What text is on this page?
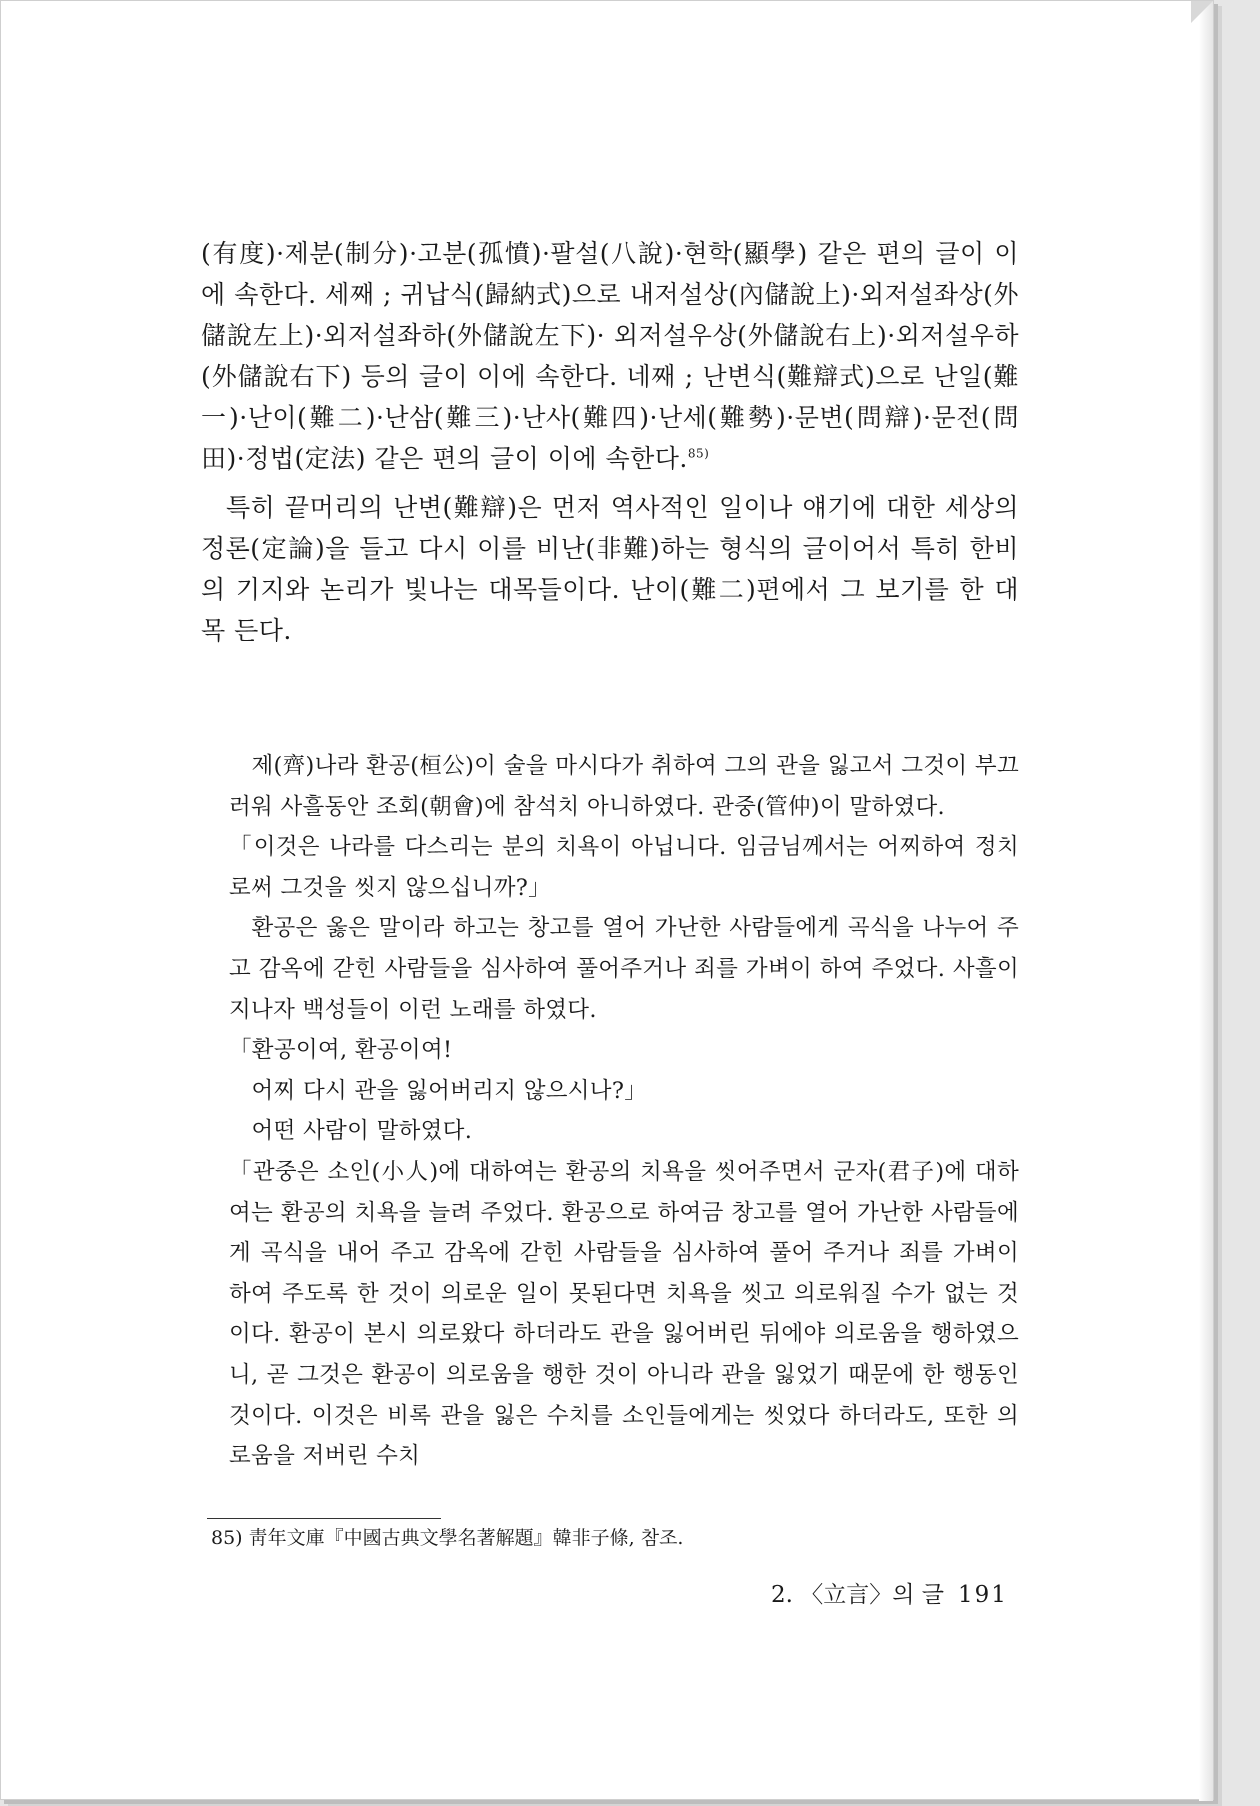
(有度)·제분(制分)·고분(孤憤)·팔설(八說)·현학(顯學) 같은 편의 글이 이에 속한다. 세째 ; 귀납식(歸納式)으로 내저설상(內儲說上)·외저설좌상(外儲說左上)·외저설좌하(外儲說左下)· 외저설우상(外儲說右上)·외저설우하(外儲說右下) 등의 글이 이에 속한다. 네째 ; 난변식(難辯式)으로 난일(難一)·난이(難二)·난삼(難三)·난사(難四)·난세(難勢)·문변(問辯)·문전(問田)·정법(定法) 같은 편의 글이 이에 속한다.$^{85)}$

특히 끝머리의 난변(難辯)은 먼저 역사적인 일이나 얘기에 대한 세상의 정론(定論)을 들고 다시 이를 비난(非難)하는 형식의 글이어서 특히 한비의 기지와 논리가 빛나는 대목들이다. 난이(難二)편에서 그 보기를 한 대목 든다.

제(齊)나라 환공(桓公)이 술을 마시다가 취하여 그의 관을 잃고서 그것이 부끄러워 사흘동안 조회(朝會)에 참석치 아니하였다. 관중(管仲)이 말하였다.

「이것은 나라를 다스리는 분의 치욕이 아닙니다. 임금님께서는 어찌하여 정치로써 그것을 씻지 않으십니까?」

환공은 옳은 말이라 하고는 창고를 열어 가난한 사람들에게 곡식을 나누어 주고 감옥에 갇힌 사람들을 심사하여 풀어주거나 죄를 가벼이 하여 주었다. 사흘이 지나자 백성들이 이런 노래를 하였다.

「환공이여, 환공이여!

어찌 다시 관을 잃어버리지 않으시나?」

어떤 사람이 말하였다.

「관중은 소인(小人)에 대하여는 환공의 치욕을 씻어주면서 군자(君子)에 대하여는 환공의 치욕을 늘려 주었다. 환공으로 하여금 창고를 열어 가난한 사람들에게 곡식을 내어 주고 감옥에 갇힌 사람들을 심사하여 풀어 주거나 죄를 가벼이 하여 주도록 한 것이 의로운 일이 못된다면 치욕을 씻고 의로워질 수가 없는 것이다. 환공이 본시 의로왔다 하더라도 관을 잃어버린 뒤에야 의로움을 행하였으니, 곧 그것은 환공이 의로움을 행한 것이 아니라 관을 잃었기 때문에 한 행동인 것이다. 이것은 비록 관을 잃은 수치를 소인들에게는 씻었다 하더라도, 또한 의로움을 저버린 수치

85) 靑年文庫『中國古典文學名著解題』韓非子條, 참조.
2. 〈立言〉의 글 191
